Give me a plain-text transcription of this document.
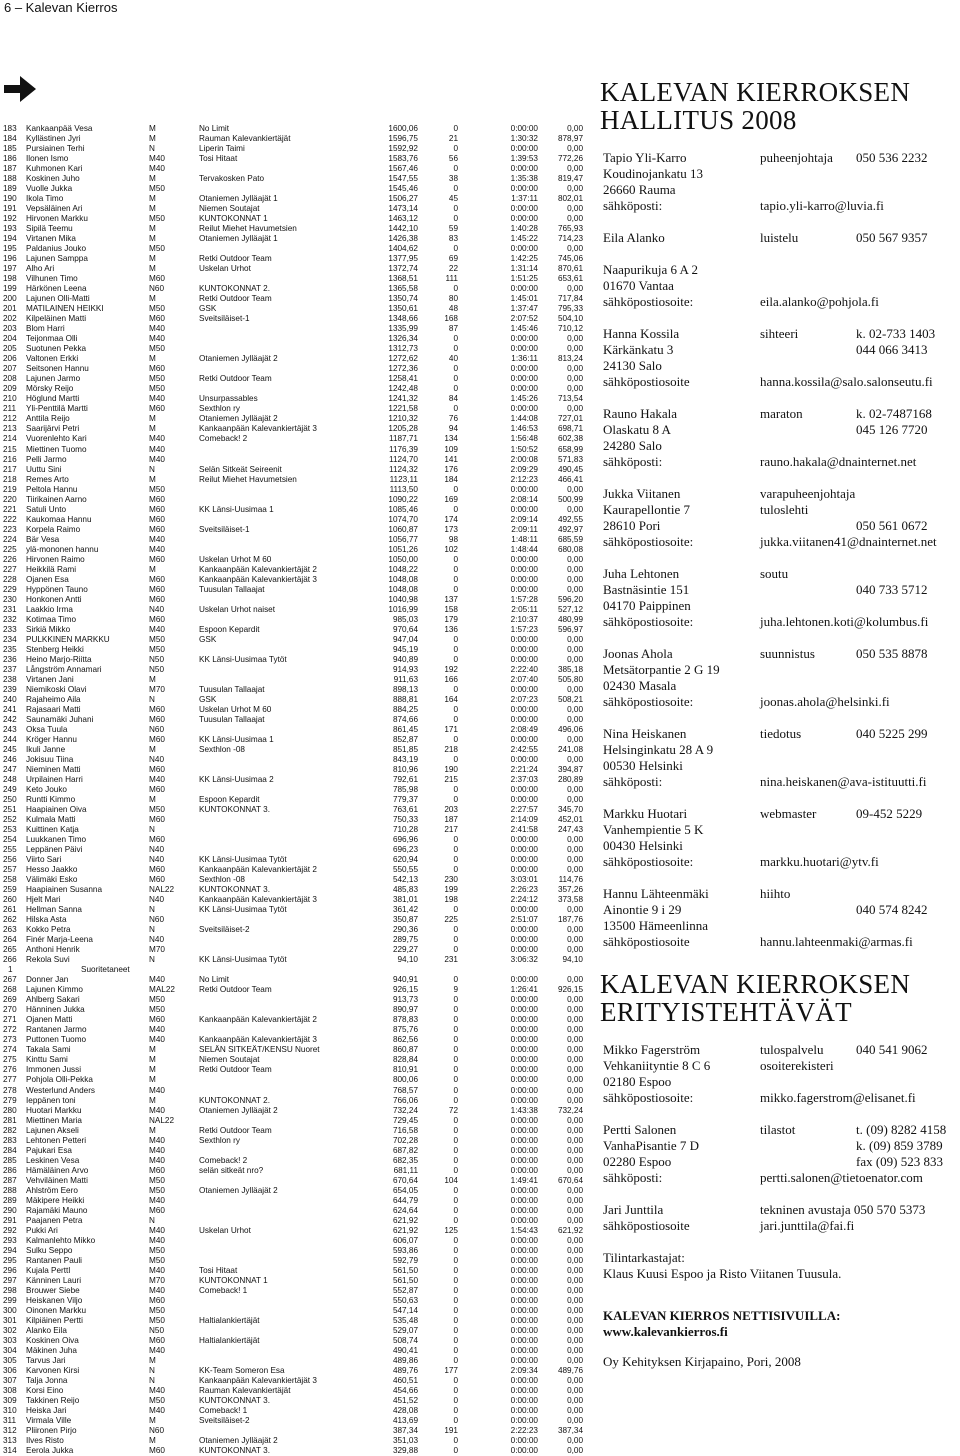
6 – Kalevan Kierros
183 Kankaanpää Vesa	M	No Limit	1600,06	0	0:00:00	0,00
184 Kyllästinen Jyri	M	Rauman Kalevankiertäjät	1596,75	21	1:30:32 878,97
185 Pursiainen Terhi	N	Liperin Taimi	1592,92	0	0:00:00	0,00
186 Ilonen Ismo	M40	Tosi Hitaat	1583,76	56	1:39:53 772,26
187 Kuhmonen Kari	M40	1567,46	0	0:00:00	0,00
188 Koskinen Juho	M	Tervakosken Pato	1547,55	38	1:35:38 819,47
189 Vuolle Jukka	M50	1545,46	0	0:00:00	0,00
190 Ikola Timo	M	Otaniemen Jylläajät 1	1506,27	45	1:37:11 802,01
191 Vepsäläinen Ari	M	Niemen Soutajat	1473,14	0	0:00:00	0,00
192 Hirvonen Markku	M50	KUNTOKONNAT 1	1463,12	0	0:00:00	0,00
193 Sipilä Teemu	M	Reilut Miehet Havumetsien	1442,10	59	1:40:28 765,93
194 Virtanen Mika	M	Otaniemen Jylläajät 1	1426,38	83	1:45:22 714,23
195 Paldanius Jouko	M50	1404,62	0	0:00:00	0,00
196 Lajunen Samppa	M	Retki Outdoor Team	1377,95	69	1:42:25 745,06
197 Alho Ari	M	Uskelan Urhot	1372,74	22	1:31:14 870,61
198 Vilhunen Timo	M60	1368,51	111	1:51:25 653,61
199 Härkönen Leena	N60	KUNTOKONNAT 2.	1365,58	0	0:00:00	0,00
200 Lajunen Olli-Matti	M	Retki Outdoor Team	1350,74	80	1:45:01 717,84
201 MATILAINEN HEIKKI	M50	GSK	1350,61	48	1:37:47 795,33
202 Kilpeläinen Matti	M60	Sveitsiläiset-1	1348,66	168	2:07:52 504,10
203 Blom Harri	M40	1335,99	87	1:45:46 710,12
204 Teijonmaa Olli	M40	1326,34	0	0:00:00	0,00
205 Suotunen Pekka	M50	1312,73	0	0:00:00	0,00
206 Valtonen Erkki	M	Otaniemen Jylläajät 2	1272,62	40	1:36:11 813,24
207 Seitsonen Hannu	M60	1272,36	0	0:00:00	0,00
208 Lajunen Jarmo	M50	Retki Outdoor Team	1258,41	0	0:00:00	0,00
209 Mörsky Reijo	M50	1242,48	0	0:00:00	0,00
210 Höglund Martti	M40	Unsurpassables	1241,32	84	1:45:26 713,54
211 Yli-Penttilä Martti	M60	Sexthlon ry	1221,58	0	0:00:00	0,00
212 Anttila Reijo	M	Otaniemen Jylläajät 2	1210,32	76	1:44:08 727,01
213 Saarijärvi Petri	M	Kankaanpään Kalevankiertäjät 3	1205,28	94	1:46:53 698,71
214 Vuorenlehto Kari	M40	Comeback! 2	1187,71	134	1:56:48 602,38
215 Miettinen Tuomo	M40	1176,39	109	1:50:52 658,99
216 Pelli Jarmo	M40	1124,70	141	2:00:08 571,83
217 Uuttu Sini	N	Selän Sitkeät Seireenit	1124,32	176	2:09:29 490,45
218 Remes Arto	M	Reilut Miehet Havumetsien	1123,11	184	2:12:23 466,41
219 Peltola Hannu	M50	1113,50	0	0:00:00	0,00
220 Tiirikainen Aarno	M60	1090,22	169	2:08:14 500,99
221 Satuli Unto	M60	KK Länsi-Uusimaa 1	1085,46	0	0:00:00	0,00
222 Kaukomaa Hannu	M60	1074,70	174	2:09:14 492,55
223 Korpela Raimo	M60	Sveitsiläiset-1	1060,87	173	2:09:11 492,97
224 Bär Vesa	M40	1056,77	98	1:48:11 685,59
225 ylä-mononen hannu	M40	1051,26	102	1:48:44 680,08
226 Hirvonen Raimo	M60	Uskelan Urhot M 60	1050,00	0	0:00:00	0,00
227 Heikkilä Rami	M	Kankaanpään Kalevankiertäjät 2	1048,22	0	0:00:00	0,00
228 Ojanen Esa	M60	Kankaanpään Kalevankiertäjät 3	1048,08	0	0:00:00	0,00
229 Hyppönen Tauno	M60	Tuusulan Tallaajat	1048,08	0	0:00:00	0,00
230 Honkonen Antti	M60	1040,98	137	1:57:28 596,20
231 Laakkio Irma	N40	Uskelan Urhot naiset	1016,99	158	2:05:11 527,12
232 Kotimaa Timo	M60	985,03	179	2:10:37 480,99
233 Sirkiä Mikko	M40	Espoon Kepardit	970,64	136	1:57:23 596,97
234 PULKKINEN MARKKU	M50	GSK	947,04	0	0:00:00	0,00
235 Stenberg Heikki	M50	945,19	0	0:00:00	0,00
236 Heino Marjo-Riitta	N50	KK Länsi-Uusimaa Tytöt	940,89	0	0:00:00	0,00
237 Långström Annamari	N50	914,93	192	2:22:40 385,18
238 Virtanen Jani	M	911,63	166	2:07:40 505,80
239 Niemikoski Olavi	M70	Tuusulan Tallaajat	898,13	0	0:00:00	0,00
240 Rajaheimo Aila	N	GSK	888,81	164	2:07:23 508,21
241 Rajasaari Matti	M60	Uskelan Urhot M 60	884,25	0	0:00:00	0,00
242 Saunamäki Juhani	M60	Tuusulan Tallaajat	874,66	0	0:00:00	0,00
243 Oksa Tuula	N60	861,45	171	2:08:49 496,06
244 Kröger Hannu	M60	KK Länsi-Uusimaa 1	852,87	0	0:00:00	0,00
245 Ikuli Janne	M	Sexthlon -08	851,85	218	2:42:55 241,08
246 Jokisuu Tiina	N40	843,19	0	0:00:00	0,00
247 Nieminen Matti	M60	810,96	190	2:21:24 394,87
248 Urpilainen Harri	M40	KK Länsi-Uusimaa 2	792,61	215	2:37:03 280,89
249 Keto Jouko	M60	785,98	0	0:00:00	0,00
250 Runtti Kimmo	M	Espoon Kepardit	779,37	0	0:00:00	0,00
251 Haapiainen Oiva	M50	KUNTOKONNAT 3.	763,61	203	2:27:57 345,70
252 Kulmala Matti	M60	750,33	187	2:14:09 452,01
253 Kuittinen Katja	N	710,28	217	2:41:58 247,43
254 Luukkanen Timo	M60	696,96	0	0:00:00	0,00
255 Leppänen Päivi	N40	696,23	0	0:00:00	0,00
256 Viirto Sari	N40	KK Länsi-Uusimaa Tytöt	620,94	0	0:00:00	0,00
257 Hesso Jaakko	M60	Kankaanpään Kalevankiertäjät 2	550,55	0	0:00:00	0,00
258 Välimäki Esko	M60	Sexthlon -08	542,13	230	3:03:01	114,76
259 Haapiainen Susanna	NAL22	KUNTOKONNAT 3.	485,83	199	2:26:23 357,26
260 Hjelt Mari	N40	Kankaanpään Kalevankiertäjät 3	381,01	198	2:24:12 373,58
261 Hellman Sanna	N	KK Länsi-Uusimaa Tytöt	361,42	0	0:00:00	0,00
262 Hilska Asta	N60	350,87	225	2:51:07 187,76
263 Kokko Petra	N	Sveitsiläiset-2	290,36	0	0:00:00	0,00
264 Finér Marja-Leena	N40	289,75	0	0:00:00	0,00
265 Anthoni Henrik	M70	229,27	0	0:00:00	0,00
266 Rekola Suvi	N	KK Länsi-Uusimaa Tytöt	94,10	231	3:06:32	94,10
1	Suoritetaneet
267 Donner Jan	M40	No Limit	940,91	0	0:00:00	0,00
268 Lajunen Kimmo	MAL22	Retki Outdoor Team	926,15	9	1:26:41 926,15
269 Ahlberg Sakari	M50	913,73	0	0:00:00	0,00
270 Hänninen Jukka	M50	890,97	0	0:00:00	0,00
271 Ojanen Matti	M60	Kankaanpään Kalevankiertäjät 2	878,83	0	0:00:00	0,00
272 Rantanen Jarmo	M40	875,76	0	0:00:00	0,00
273 Puttonen Tuomo	M40	Kankaanpään Kalevankiertäjät 3	862,56	0	0:00:00	0,00
274 Takala Sami	M	SELÄN SITKEÄT/KENSU Nuoret	860,87	0	0:00:00	0,00
275 Kinttu Sami	M	Niemen Soutajat	828,84	0	0:00:00	0,00
276 Immonen Jussi	M	Retki Outdoor Team	810,91	0	0:00:00	0,00
277 Pohjola Olli-Pekka	M	800,06	0	0:00:00	0,00
278 Westerlund Anders	M40	768,57	0	0:00:00	0,00
279 Ieppänen toni	M	KUNTOKONNAT 2.	766,06	0	0:00:00	0,00
280 Huotari Markku	M40	Otaniemen Jylläajät 2	732,24	72	1:43:38 732,24
281 Miettinen Maria	NAL22	729,45	0	0:00:00	0,00
282 Lajunen Akseli	M	Retki Outdoor Team	716,58	0	0:00:00	0,00
283 Lehtonen Petteri	M40	Sexthlon ry	702,28	0	0:00:00	0,00
284 Pajukari Esa	M40	687,82	0	0:00:00	0,00
285 Leskinen Vesa	M40	Comeback! 2	682,35	0	0:00:00	0,00
286 Hämäläinen Arvo	M60	selän sitkeät nro?	681,11	0	0:00:00	0,00
287 Vehviläinen Matti	M50	670,64	104	1:49:41 670,64
288 Ahlström Eero	M50	Otaniemen Jylläajät 2	654,05	0	0:00:00	0,00
289 Mäkipere Heikki	M40	644,79	0	0:00:00	0,00
290 Rajamäki Mauno	M60	624,64	0	0:00:00	0,00
291 Paajanen Petra	N	621,92	0	0:00:00	0,00
292 Pukki Ari	M40	Uskelan Urhot	621,92	125	1:54:43 621,92
293 Kalmanlehto Mikko	M40	606,07	0	0:00:00	0,00
294 Sulku Seppo	M50	593,86	0	0:00:00	0,00
295 Rantanen Pauli	M50	592,79	0	0:00:00	0,00
296 Kujala Perttl	M40	Tosi Hitaat	561,50	0	0:00:00	0,00
297 Känninen Lauri	M70	KUNTOKONNAT 1	561,50	0	0:00:00	0,00
298 Brouwer Siebe	M40	Comeback! 1	552,87	0	0:00:00	0,00
299 Heiskanen Viljo	M60	550,63	0	0:00:00	0,00
300 Oinonen Markku	M50	547,14	0	0:00:00	0,00
301 Kilpiäinen Pertti	M50	Haltialankiertäjät	535,48	0	0:00:00	0,00
302 Alanko Eila	N50	529,07	0	0:00:00	0,00
303 Koskinen Oiva	M60	Haltialankiertäjät	508,74	0	0:00:00	0,00
304 Mäkinen Juha	M40	490,41	0	0:00:00	0,00
305 Tarvus Jari	M	489,86	0	0:00:00	0,00
306 Karvonen Kirsi	N	KK-Team Someron Esa	489,76	177	2:09:34 489,76
307 Talja Jonna	N	Kankaanpään Kalevankiertäjät 3	460,51	0	0:00:00	0,00
308 Korsi Eino	M40	Rauman Kalevankiertäjät	454,66	0	0:00:00	0,00
309 Takkinen Reijo	M50	KUNTOKONNAT 3.	451,52	0	0:00:00	0,00
310 Heiska Jari	M40	Comeback! 1	428,08	0	0:00:00	0,00
311 Virmala Ville	M	Sveitsiläiset-2	413,69	0	0:00:00	0,00
312 Pliironen Pirjo	N60	387,34	191	2:22:23 387,34
313 Ilves Risto	M	Otaniemen Jylläajät 2	351,03	0	0:00:00	0,00
314 Eerola Jukka	M60	KUNTOKONNAT 3.	329,88	0	0:00:00	0,00
KALEVAN KIERROKSEN
HALLITUS 2008
Tapio Yli-Karro	puheenjohtaja 050 536 2232
Koudinojankatu 13
26660 Rauma
sähköposti:	tapio.yli-karro@luvia.fi
Eila Alanko	luistelu	050 567 9357
Naapurikuja 6 A 2
01670 Vantaa
sähköpostiosoite:	eila.alanko@pohjola.fi
Hanna Kossila	sihteeri	k. 02-733 1403
Kärkänkatu 3	044 066 3413
24130 Salo
sähköpostiosoite	hanna.kossila@salo.salonseutu.fi
Rauno Hakala	maraton	k. 02-7487168
Olaskatu 8 A	045 126 7720
24280 Salo
sähköposti:	rauno.hakala@dnainternet.net
Jukka Viitanen	varapuheenjohtaja
Kaurapellontie 7	tuloslehti
28610 Pori	050 561 0672
sähköpostiosoite:	jukka.viitanen41@dnainternet.net
Juha Lehtonen	soutu
Bastnäsintie 151	040 733 5712
04170 Paippinen
sähköpostiosoite:	juha.lehtonen.koti@kolumbus.fi
Joonas Ahola	suunnistus	050 535 8878
Metsätorpantie 2 G 19
02430 Masala
sähköpostiosoite:	joonas.ahola@helsinki.fi
Nina Heiskanen	tiedotus	040 5225 299
Helsinginkatu 28 A 9
00530 Helsinki
sähköposti:	nina.heiskanen@ava-istituutti.fi
Markku Huotari	webmaster	09-452 5229
Vanhempientie 5 K
00430 Helsinki
sähköpostiosoite:	markku.huotari@ytv.fi
Hannu Lähteenmäki	hiihto
Ainontie 9 i 29	040 574 8242
13500 Hämeenlinna
sähköpostiosoite	hannu.lahteenmaki@armas.fi
KALEVAN KIERROKSEN
ERITYISTEHTÄVÄT
Mikko Fagerström	tulospalvelu 040 541 9062
Vehkaniityntie 8 C 6	osoiterekisteri
02180 Espoo
sähköpostiosoite:	mikko.fagerstrom@elisanet.fi
Pertti Salonen	tilastot	t. (09) 8282 4158
VanhaPisantie 7 D	k. (09) 859 3789
02280 Espoo	fax (09) 523 833
sähköposti:	pertti.salonen@tietoenator.com
Jari Junttila	tekninen avustaja 050 570 5373
sähköpostiosoite	jari.junttila@fai.fi
Tilintarkastajat:
Klaus Kuusi Espoo ja Risto Viitanen Tuusula.
KALEVAN KIERROS NETTISIVUILLA:
www.kalevankierros.fi
Oy Kehityksen Kirjapaino, Pori, 2008
